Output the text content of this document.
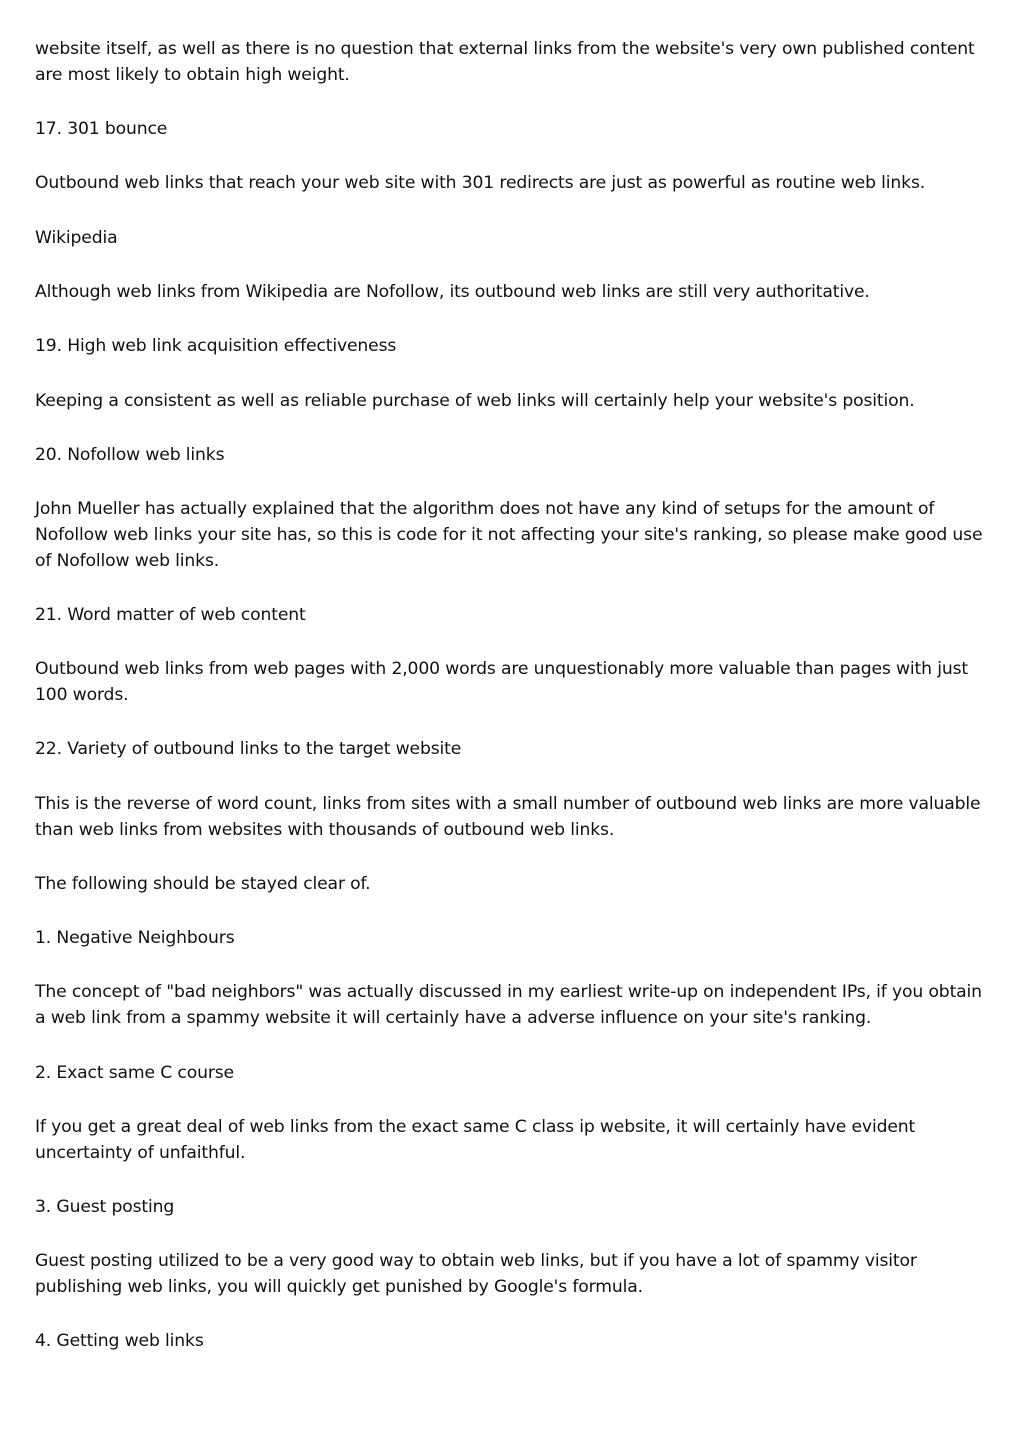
website itself, as well as there is no question that external links from the website's very own published content are most likely to obtain high weight.

17. 301 bounce

Outbound web links that reach your web site with 301 redirects are just as powerful as routine web links.

Wikipedia

Although web links from Wikipedia are Nofollow, its outbound web links are still very authoritative.

19. High web link acquisition effectiveness

Keeping a consistent as well as reliable purchase of web links will certainly help your website's position.

20. Nofollow web links

John Mueller has actually explained that the algorithm does not have any kind of setups for the amount of Nofollow web links your site has, so this is code for it not affecting your site's ranking, so please make good use of Nofollow web links.

21. Word matter of web content

Outbound web links from web pages with 2,000 words are unquestionably more valuable than pages with just 100 words.

22. Variety of outbound links to the target website

This is the reverse of word count, links from sites with a small number of outbound web links are more valuable than web links from websites with thousands of outbound web links.

The following should be stayed clear of.

1. Negative Neighbours

The concept of "bad neighbors" was actually discussed in my earliest write-up on independent IPs, if you obtain a web link from a spammy website it will certainly have a adverse influence on your site's ranking.

2. Exact same C course

If you get a great deal of web links from the exact same C class ip website, it will certainly have evident uncertainty of unfaithful.

3. Guest posting

Guest posting utilized to be a very good way to obtain web links, but if you have a lot of spammy visitor publishing web links, you will quickly get punished by Google's formula.

4. Getting web links
